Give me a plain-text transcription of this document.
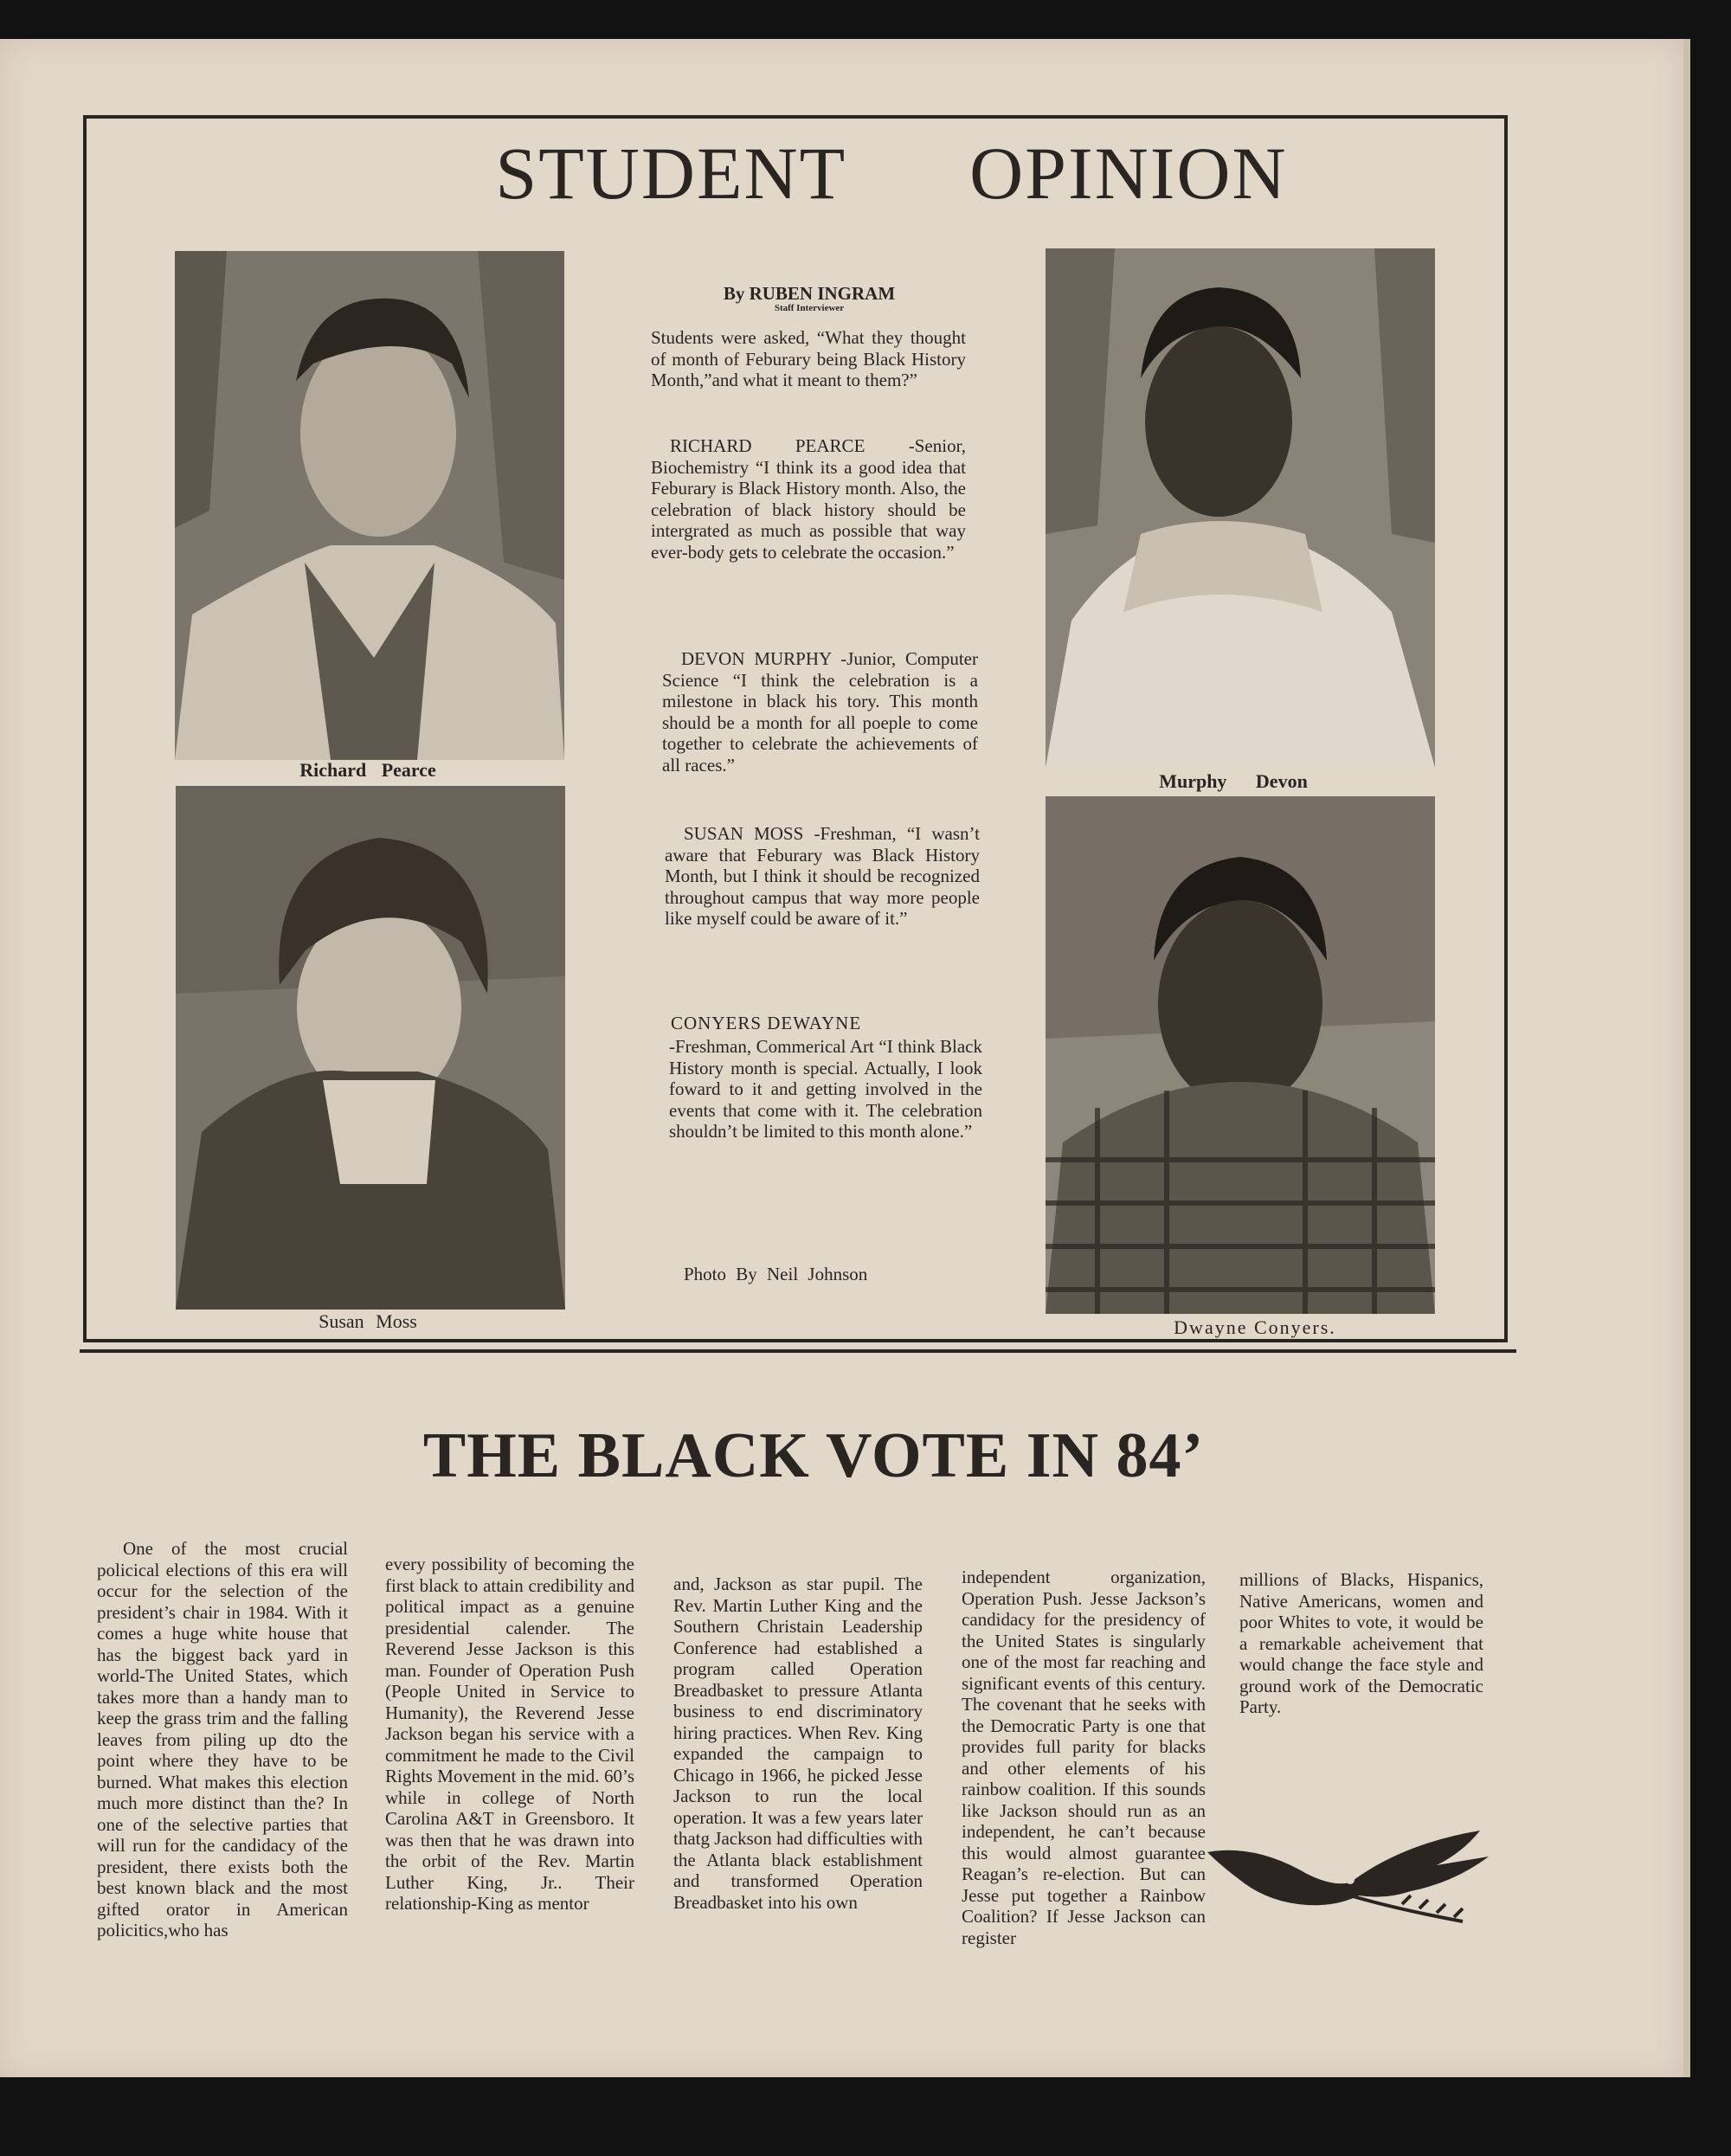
STUDENT OPINION

Richard Pearce

Susan Moss

Murphy Devon

Dwayne Conyers.

By RUBEN INGRAM
Staff Interviewer

Students were asked, “What they thought of month of Feburary being Black History Month,”and what it meant to them?”

RICHARD PEARCE -Senior, Biochemistry “I think its a good idea that Feburary is Black History month. Also, the celebration of black history should be intergrated as much as possible that way ever-body gets to celebrate the occasion.”

DEVON MURPHY -Junior, Computer Science “I think the celebration is a milestone in black his tory. This month should be a month for all poeple to come together to celebrate the achievements of all races.”

SUSAN MOSS -Freshman, “I wasn’t aware that Feburary was Black History Month, but I think it should be recognized throughout campus that way more people like myself could be aware of it.”

CONYERS DEWAYNE

-Freshman, Commerical Art “I think Black History month is special. Actually, I look foward to it and getting involved in the events that come with it. The celebration shouldn’t be limited to this month alone.”

Photo By Neil Johnson

THE BLACK VOTE IN 84’

One of the most crucial policical elections of this era will occur for the selection of the president’s chair in 1984. With it comes a huge white house that has the biggest back yard in world-The United States, which takes more than a handy man to keep the grass trim and the falling leaves from piling up dto the point where they have to be burned. What makes this election much more distinct than the? In one of the selective parties that will run for the candidacy of the president, there exists both the best known black and the most gifted orator in American policitics,who has

every possibility of becoming the first black to attain credibility and political impact as a genuine presidential calender. The Reverend Jesse Jackson is this man. Founder of Operation Push (People United in Service to Humanity), the Reverend Jesse Jackson began his service with a commitment he made to the Civil Rights Movement in the mid. 60’s while in college of North Carolina A&T in Greensboro. It was then that he was drawn into the orbit of the Rev. Martin Luther King, Jr.. Their relationship-King as mentor

and, Jackson as star pupil. The Rev. Martin Luther King and the Southern Christain Leadership Conference had established a program called Operation Breadbasket to pressure Atlanta business to end discriminatory hiring practices. When Rev. King expanded the campaign to Chicago in 1966, he picked Jesse Jackson to run the local operation. It was a few years later thatg Jackson had difficulties with the Atlanta black establishment and transformed Operation Breadbasket into his own

independent organization, Operation Push. Jesse Jackson’s candidacy for the presidency of the United States is singularly one of the most far reaching and significant events of this century. The covenant that he seeks with the Democratic Party is one that provides full parity for blacks and other elements of his rainbow coalition. If this sounds like Jackson should run as an independent, he can’t because this would almost guarantee Reagan’s re-election. But can Jesse put together a Rainbow Coalition? If Jesse Jackson can register

millions of Blacks, Hispanics, Native Americans, women and poor Whites to vote, it would be a remarkable acheivement that would change the face style and ground work of the Democratic Party.
